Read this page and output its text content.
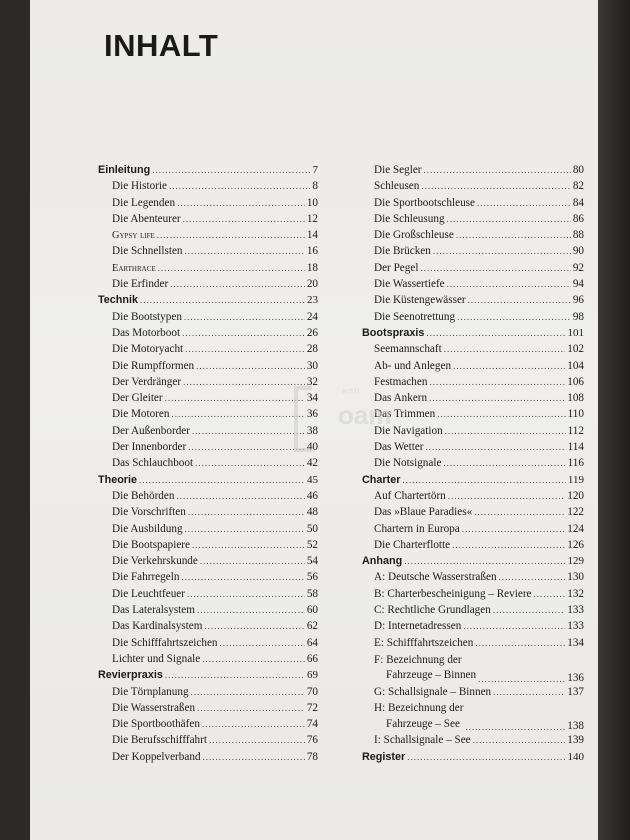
INHALT
Einleitung .....	7
Die Historie .....	8
Die Legenden .....	10
Die Abenteurer .....	12
Gypsy life .....	14
Die Schnellsten .....	16
Earthrace .....	18
Die Erfinder .....	20
Technik .....	23
Die Bootstypen .....	24
Das Motorboot .....	26
Die Motoryacht .....	28
Die Rumpfformen .....	30
Der Verdränger .....	32
Der Gleiter .....	34
Die Motoren .....	36
Der Außenborder .....	38
Der Innenborder .....	40
Das Schlauchboot .....	42
Theorie .....	45
Die Behörden .....	46
Die Vorschriften .....	48
Die Ausbildung .....	50
Die Bootspapiere .....	52
Die Verkehrskunde .....	54
Die Fahrregeln .....	56
Die Leuchtfeuer .....	58
Das Lateralsystem .....	60
Das Kardinalsystem .....	62
Die Schifffahrtszeichen .....	64
Lichter und Signale .....	66
Revierpraxis .....	69
Die Törnplanung .....	70
Die Wasserstraßen .....	72
Die Sportboothäfen .....	74
Die Berufsschifffahrt .....	76
Der Koppelverband .....	78
Die Segler .....	80
Schleusen .....	82
Die Sportbootschleuse .....	84
Die Schleusung .....	86
Die Großschleuse .....	88
Die Brücken .....	90
Der Pegel .....	92
Die Wassertiefe .....	94
Die Küstengewässer .....	96
Die Seenotrettung .....	98
Bootspraxis .....	101
Seemannschaft .....	102
Ab- und Anlegen .....	104
Festmachen .....	106
Das Ankern .....	108
Das Trimmen .....	110
Die Navigation .....	112
Das Wetter .....	114
Die Notsignale .....	116
Charter .....	119
Auf Chartertörn .....	120
Das »Blaue Paradies« .....	122
Chartern in Europa .....	124
Die Charterflotte .....	126
Anhang .....	129
A: Deutsche Wasserstraßen .....	130
B: Charterbescheinigung – Reviere .....	132
C: Rechtliche Grundlagen .....	133
D: Internetadressen .....	133
E: Schifffahrtszeichen .....	134
F: Bezeichnung der
Fahrzeuge – Binnen .....	136
G: Schallsignale – Binnen .....	137
H: Bezeichnung der
Fahrzeuge – See .....	138
I: Schallsignale – See .....	139
Register .....	140
anti
oam
